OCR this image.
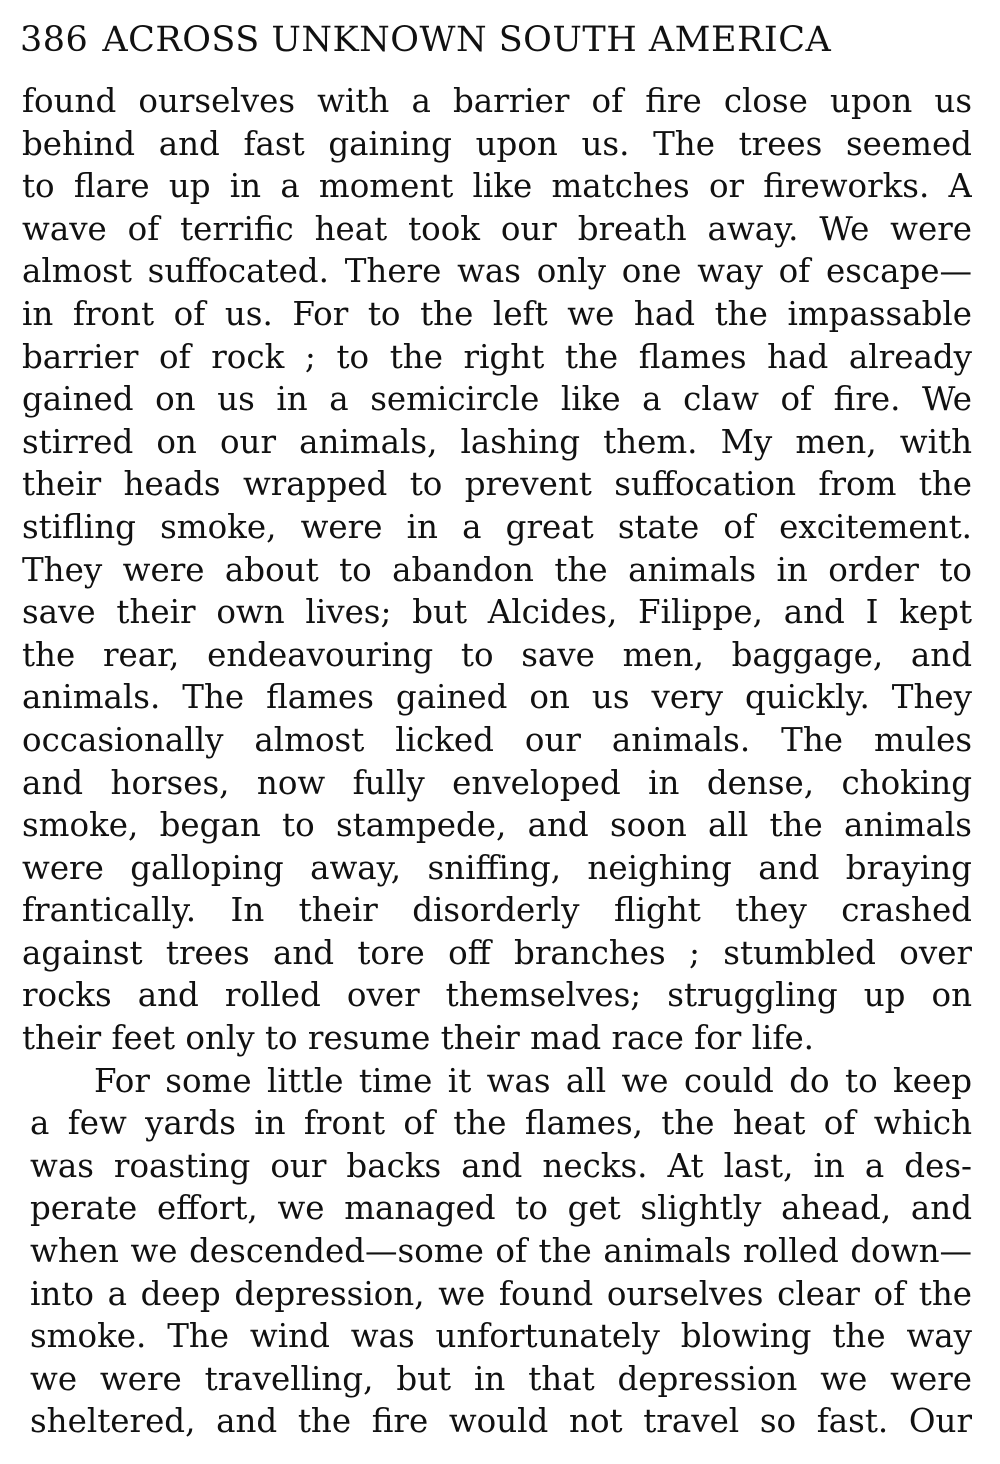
386 ACROSS UNKNOWN SOUTH AMERICA
found ourselves with a barrier of fire close upon us
behind and fast gaining upon us. The trees seemed
to flare up in a moment like matches or fireworks. A
wave of terrific heat took our breath away. We were
almost suffocated. There was only one way of escape—
in front of us. For to the left we had the impassable
barrier of rock ; to the right the flames had already
gained on us in a semicircle like a claw of fire. We
stirred on our animals, lashing them. My men, with
their heads wrapped to prevent suffocation from the
stifling smoke, were in a great state of excitement.
They were about to abandon the animals in order to
save their own lives; but Alcides, Filippe, and I kept
the rear, endeavouring to save men, baggage, and
animals. The flames gained on us very quickly. They
occasionally almost licked our animals. The mules
and horses, now fully enveloped in dense, choking
smoke, began to stampede, and soon all the animals
were galloping away, sniffing, neighing and braying
frantically. In their disorderly flight they crashed
against trees and tore off branches ; stumbled over
rocks and rolled over themselves; struggling up on
their feet only to resume their mad race for life.
For some little time it was all we could do to keep
a few yards in front of the flames, the heat of which
was roasting our backs and necks. At last, in a des-
perate effort, we managed to get slightly ahead, and
when we descended—some of the animals rolled down—
into a deep depression, we found ourselves clear of the
smoke. The wind was unfortunately blowing the way
we were travelling, but in that depression we were
sheltered, and the fire would not travel so fast. Our
